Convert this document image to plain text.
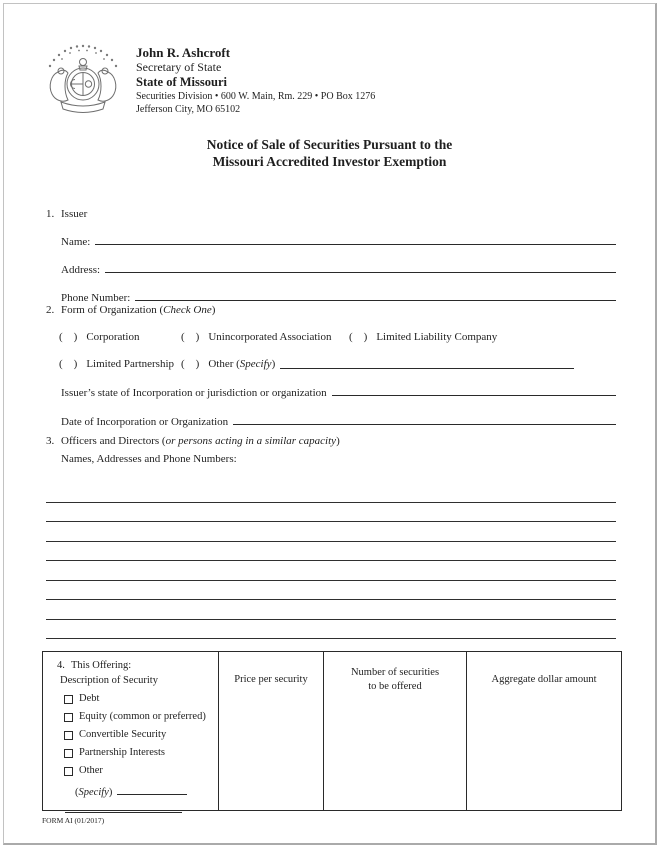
John R. Ashcroft
Secretary of State
State of Missouri
Securities Division • 600 W. Main, Rm. 229 • PO Box 1276
Jefferson City, MO 65102
Notice of Sale of Securities Pursuant to the
Missouri Accredited Investor Exemption
1. Issuer
Name:
Address:
Phone Number:
2. Form of Organization (Check One)
(  ) Corporation	(  ) Unincorporated Association (  ) Limited Liability Company
(  ) Limited Partnership (  ) Other (Specify)
Issuer’s state of Incorporation or jurisdiction or organization
Date of Incorporation or Organization
3. Officers and Directors (or persons acting in a similar capacity)
Names, Addresses and Phone Numbers:
4. This Offering:
Description of Security
Debt
Equity (common or preferred)
Convertible Security
Partnership Interests
Other
(Specify)
Price per security
Number of securities
to be offered
Aggregate dollar amount
FORM AI (01/2017)
